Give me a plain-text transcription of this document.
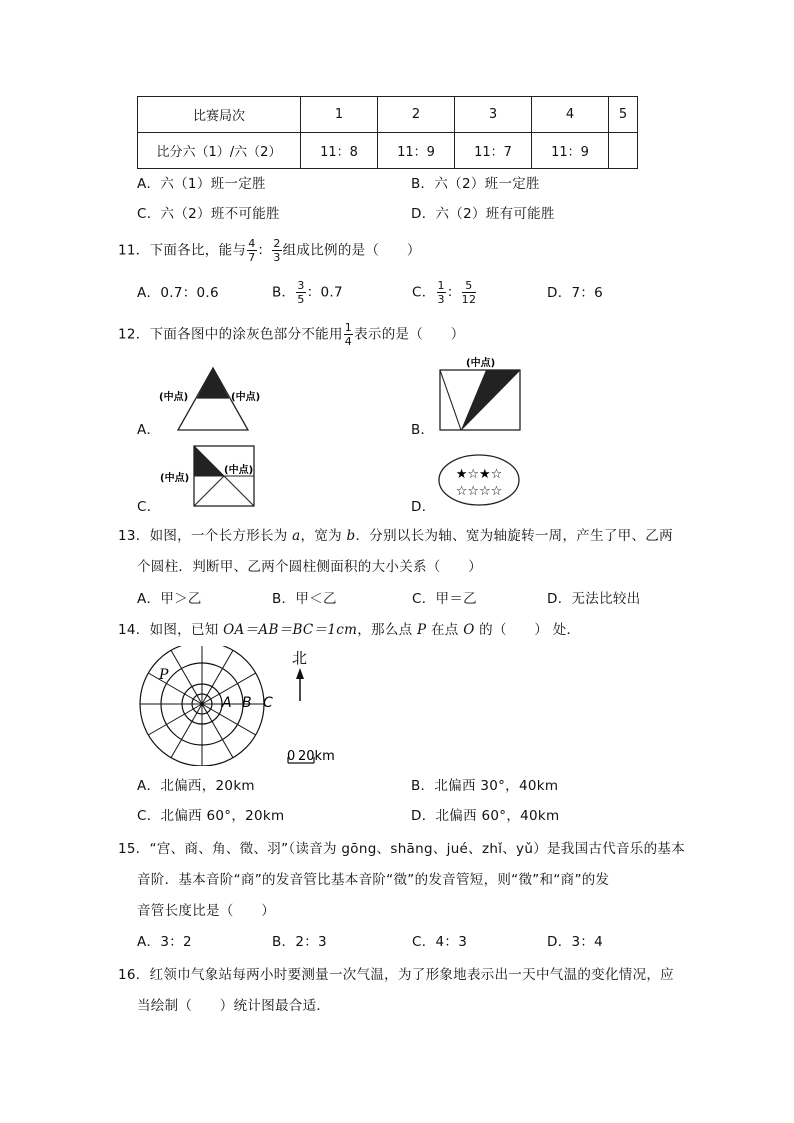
比赛局次	1	2	3	4	5
比分六（1）/六（2）	11：8	11：9	11：7	11：9	
A．六（1）班一定胜	B．六（2）班一定胜
C．六（2）班不可能胜	D．六（2）班有可能胜
11．下面各比，能与 $\frac{4}{7}$ ： $\frac{2}{3}$ 组成比例的是（　　）
A．0.7：0.6	B． $\frac{3}{5}$ ：0.7	C． $\frac{1}{3}$ ： $\frac{5}{12}$	D．7：6
12．下面各图中的涂灰色部分不能用 $\frac{1}{4}$ 表示的是（　　）
A．	B．
C．	D．
(中点)	(中点)
(中点)
(中点)
(中点)	★☆★☆
☆☆☆☆
13．如图，一个长方形长为 a，宽为 b．分别以长为轴、宽为轴旋转一周，产生了甲、乙两
个圆柱．判断甲、乙两个圆柱侧面积的大小关系（　　）
A．甲＞乙	B．甲＜乙	C．甲＝乙	D．无法比较出
14．如图，已知 OA＝AB＝BC＝1cm，那么点 P 在点 O 的（　　） 处．
P
A B C
北
0 20km
A．北偏西，20km	B．北偏西 30°，40km
C．北偏西 60°，20km	D．北偏西 60°，40km
15．“宫、商、角、徵、羽”（读音为 gōng、shāng、jué、zhǐ、yǔ）是我国古代音乐的基本
音阶．基本音阶“商”的发音管比基本音阶“徵”的发音管短，则“徵”和“商”的发
音管长度比是（　　）
A．3：2	B．2：3	C．4：3	D．3：4
16．红领巾气象站每两小时要测量一次气温，为了形象地表示出一天中气温的变化情况，应
当绘制（　　）统计图最合适．
